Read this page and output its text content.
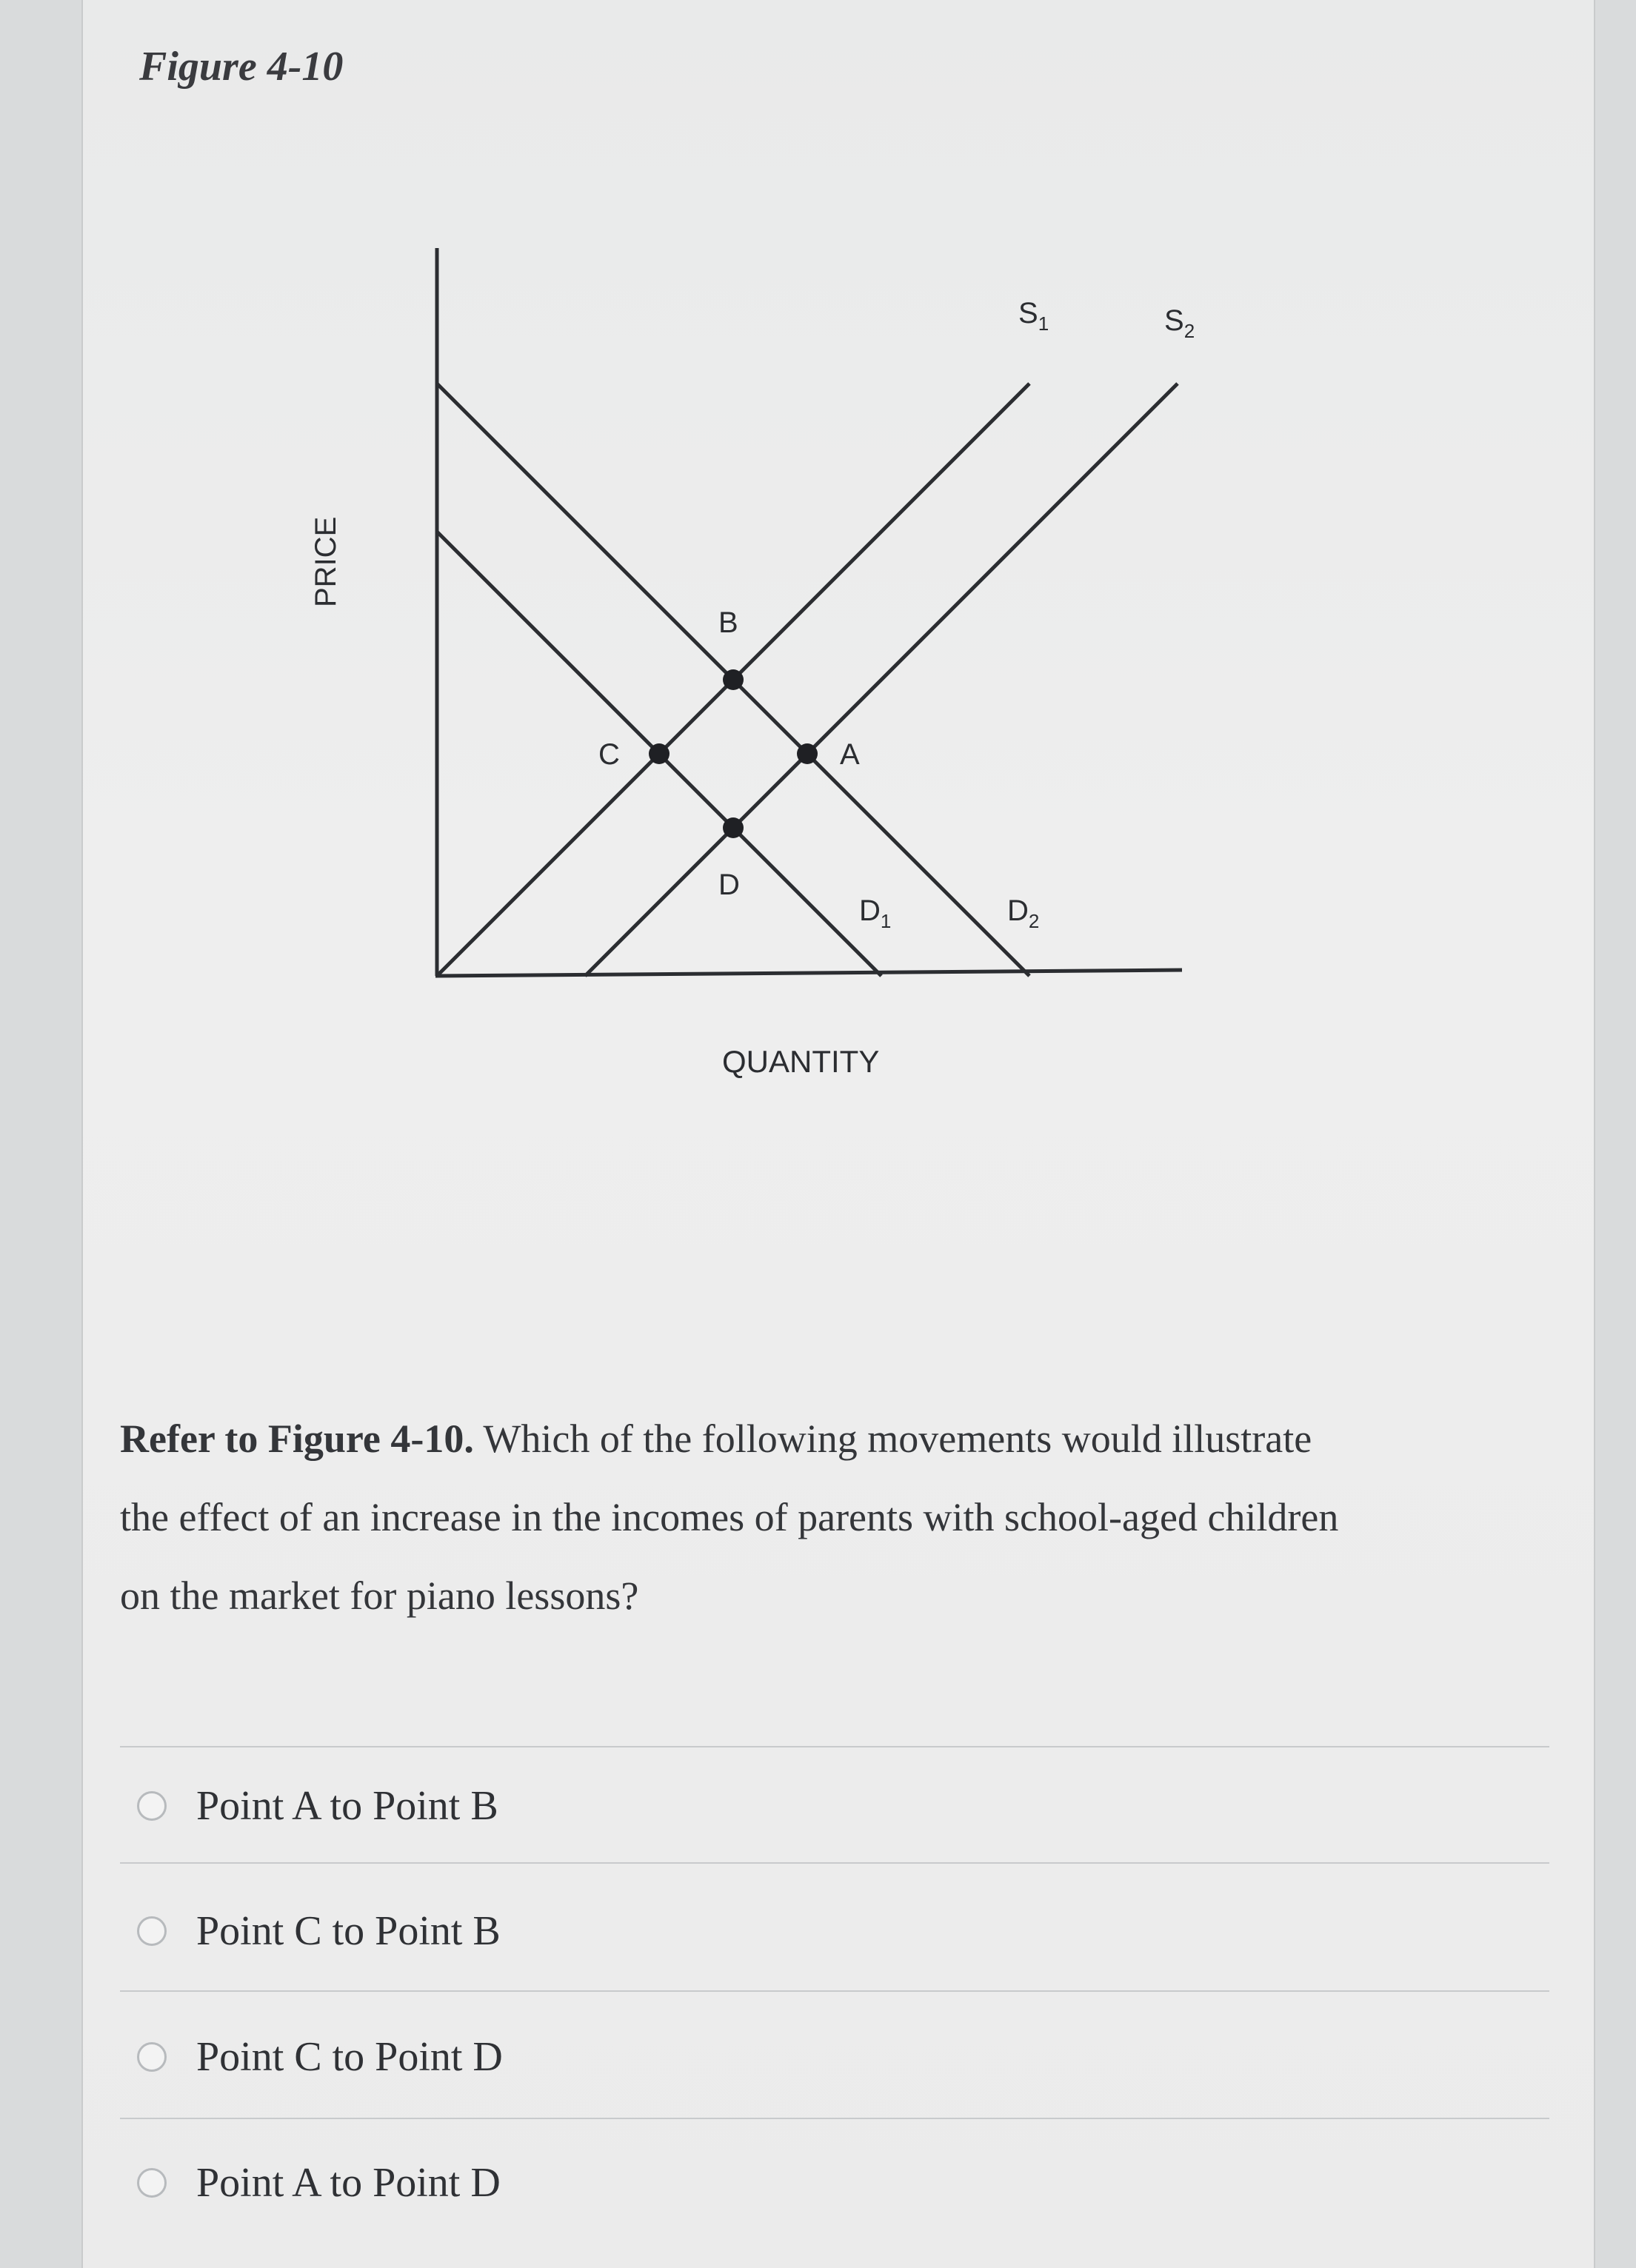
Figure 4-10
PRICE
QUANTITY
$S_1$	$S_2$
$D_1$	$D_2$
B
C	A
D
Refer to Figure 4-10. Which of the following movements would illustrate
the effect of an increase in the incomes of parents with school-aged children
on the market for piano lessons?
Point A to Point B
Point C to Point B
Point C to Point D
Point A to Point D
